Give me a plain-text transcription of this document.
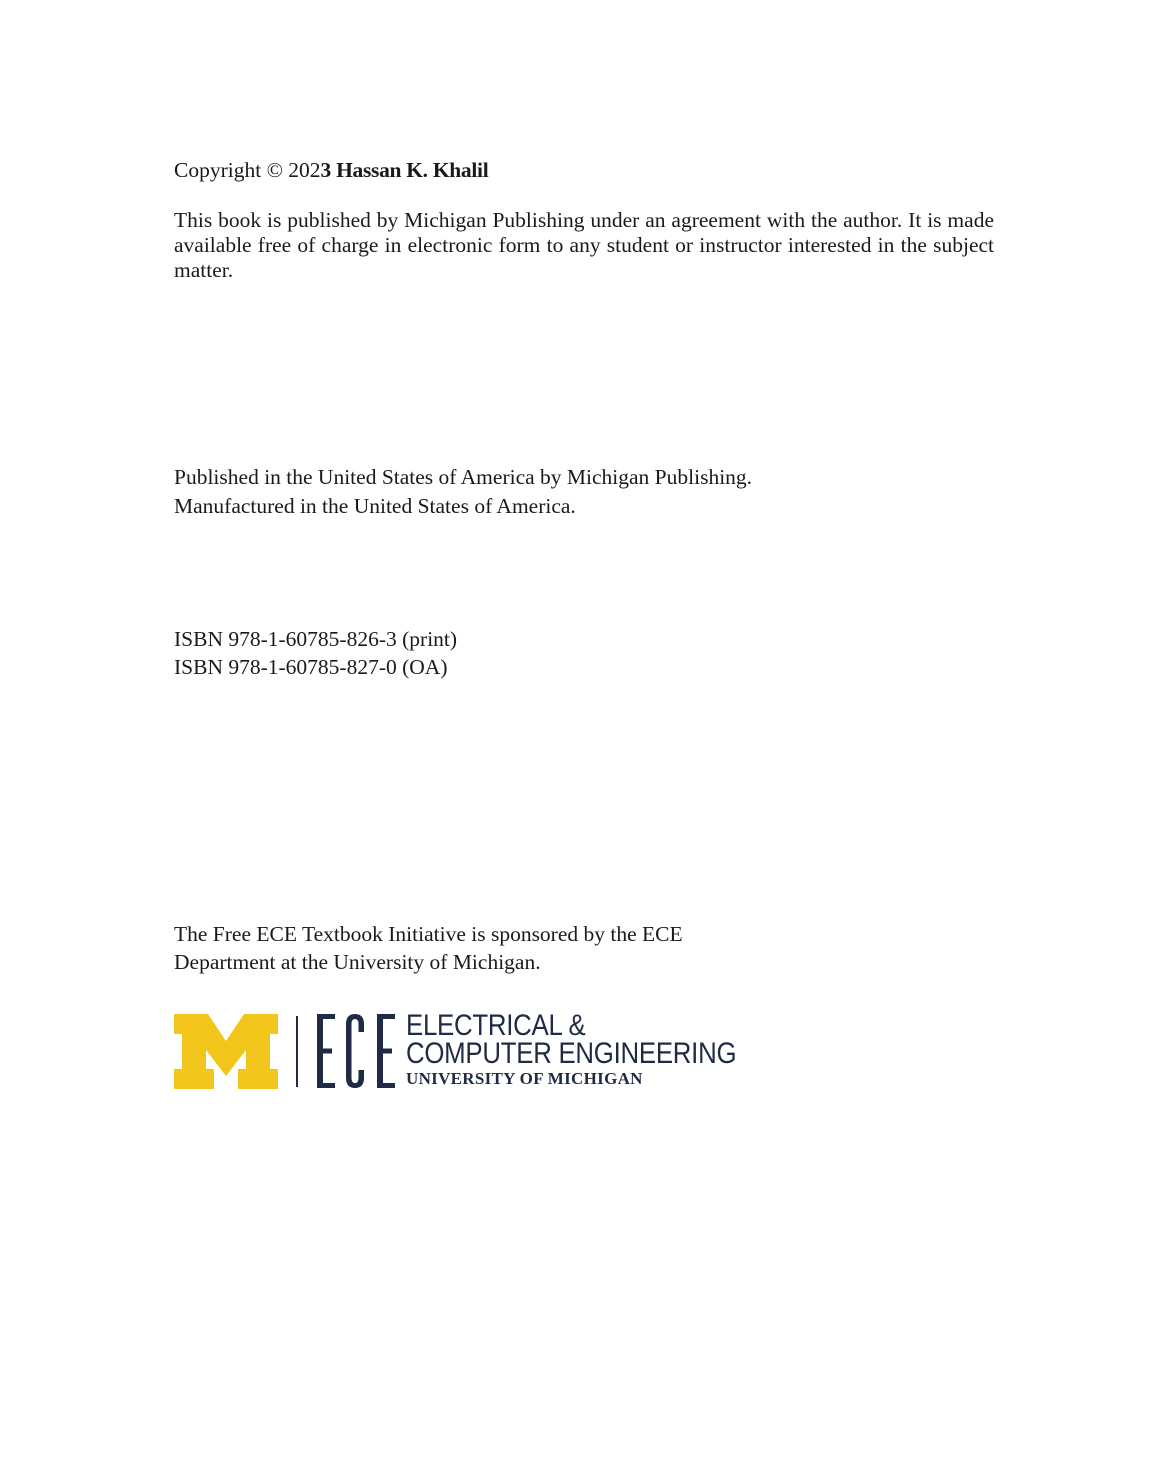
Copyright © 2023 Hassan K. Khalil
This book is published by Michigan Publishing under an agreement with the author. It is made available free of charge in electronic form to any student or instructor interested in the subject matter.
Published in the United States of America by Michigan Publishing.
Manufactured in the United States of America.
ISBN 978-1-60785-826-3 (print)
ISBN 978-1-60785-827-0 (OA)
The Free ECE Textbook Initiative is sponsored by the ECE
Department at the University of Michigan.
ELECTRICAL &
COMPUTER ENGINEERING
UNIVERSITY OF MICHIGAN
